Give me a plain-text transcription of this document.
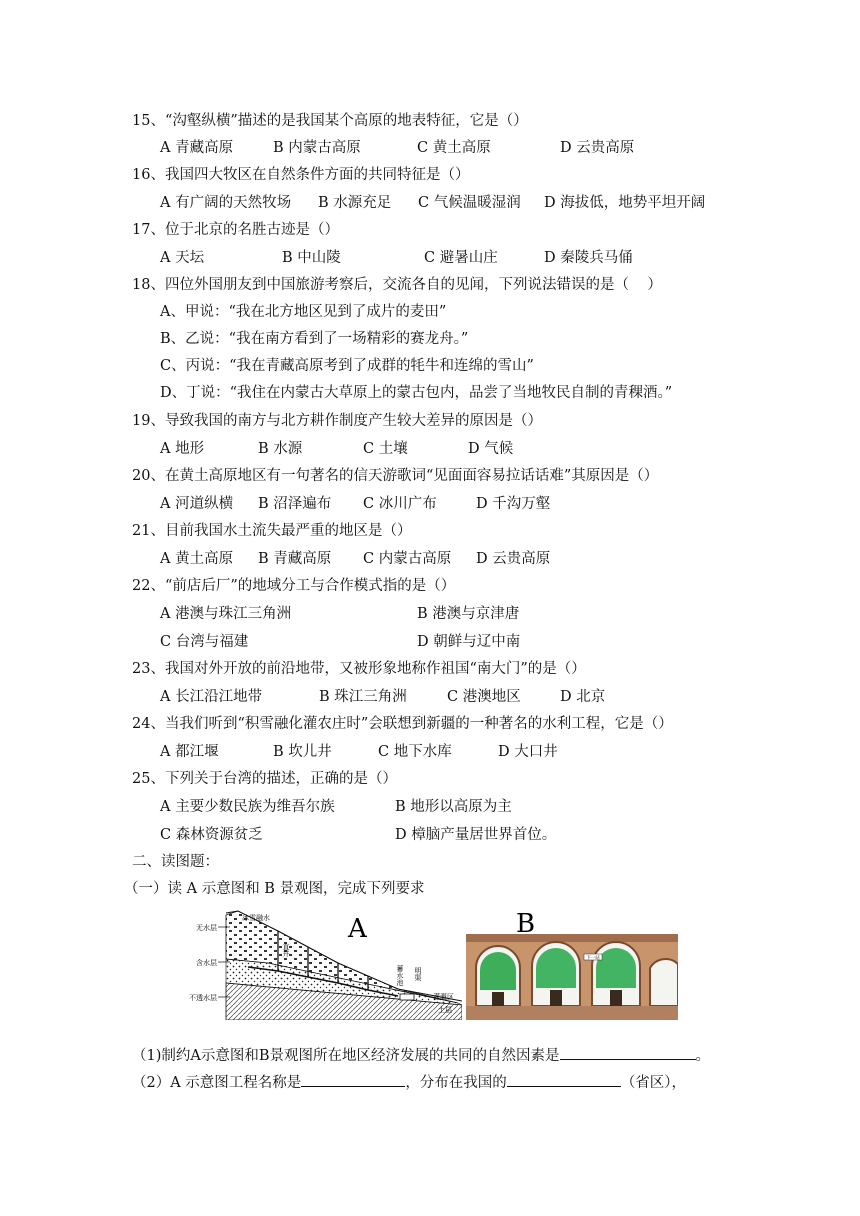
15、“沟壑纵横”描述的是我国某个高原的地表特征，它是（）
A 青藏高原	B 内蒙古高原	C 黄土高原	D 云贵高原
16、我国四大牧区在自然条件方面的共同特征是（）
A 有广阔的天然牧场 B 水源充足 C 气候温暖湿润 D 海拔低，地势平坦开阔
17、位于北京的名胜古迹是（）
A 天坛	B 中山陵	C 避暑山庄	D 秦陵兵马俑
18、四位外国朋友到中国旅游考察后，交流各自的见闻，下列说法错误的是（    ）
A、甲说：“我在北方地区见到了成片的麦田”
B、乙说：“我在南方看到了一场精彩的赛龙舟。”
C、丙说：“我在青藏高原考到了成群的牦牛和连绵的雪山”
D、丁说：“我住在内蒙古大草原上的蒙古包内，品尝了当地牧民自制的青稞酒。”
19、导致我国的南方与北方耕作制度产生较大差异的原因是（）
A 地形	B 水源	C 土壤	D 气候
20、在黄土高原地区有一句著名的信天游歌词“见面面容易拉话话难”其原因是（）
A 河道纵横 B 沼泽遍布 C 冰川广布	D 千沟万壑
21、目前我国水土流失最严重的地区是（）
A 黄土高原 B 青藏高原 C 内蒙古高原 D 云贵高原
22、“前店后厂”的地域分工与合作模式指的是（）
A 港澳与珠江三角洲	B 港澳与京津唐
C 台湾与福建	D 朝鲜与辽中南
23、我国对外开放的前沿地带，又被形象地称作祖国“南大门”的是（）
A 长江沿江地带	B 珠江三角洲	C 港澳地区	D 北京
24、当我们听到“积雪融化灌农庄时”会联想到新疆的一种著名的水利工程，它是（）
A 都江堰	B 坎儿井	C 地下水库	D 大口井
25、下列关于台湾的描述，正确的是（）
A 主要少数民族为维吾尔族	B 地形以高原为主
C 森林资源贫乏	D 樟脑产量居世界首位。
二、读图题：
（一）读 A 示意图和 B 景观图，完成下列要求
无水层
含水层
不透水层
冰雪融水
直井
蓄水池 明渠
灌溉区
土层
A
下一站
B
（1)制约A示意图和B景观图所在地区经济发展的共同的自然因素是	。
（2）A 示意图工程名称是	，分布在我国的	（省区），
